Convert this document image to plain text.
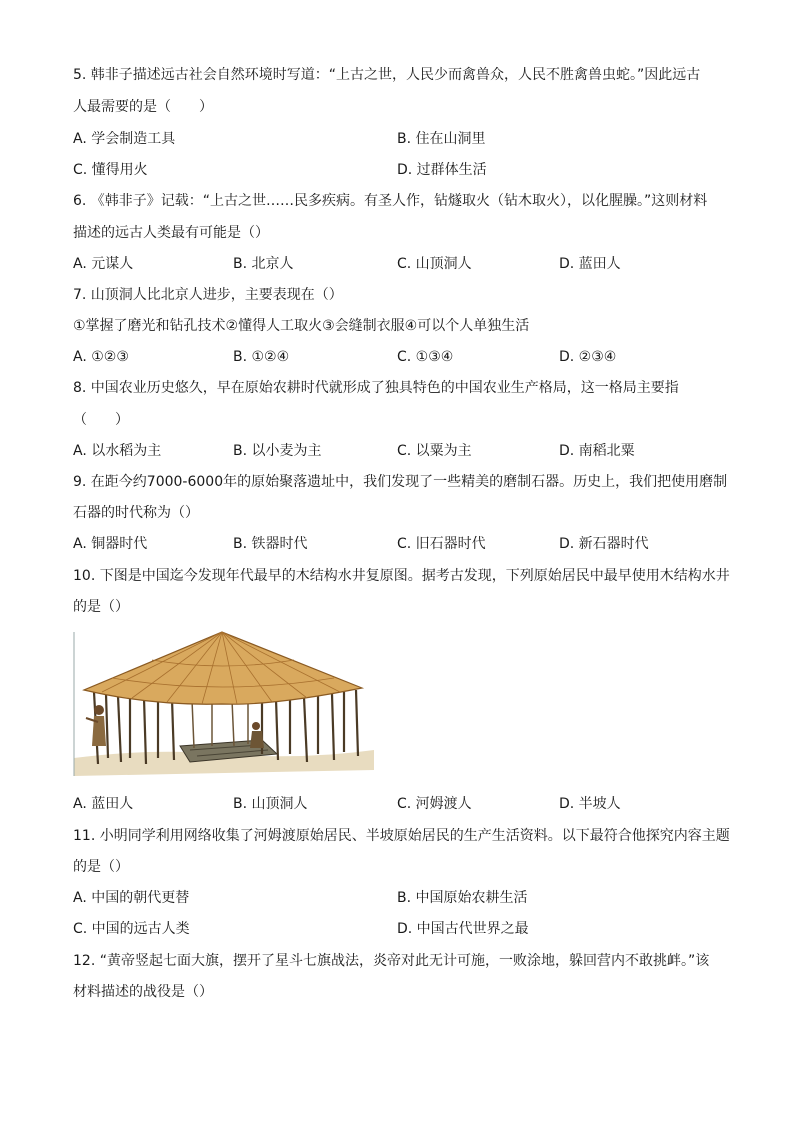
5. 韩非子描述远古社会自然环境时写道：“上古之世，人民少而禽兽众，人民不胜禽兽虫蛇。”因此远古
人最需要的是（　　）
A. 学会制造工具	B. 住在山洞里
C. 懂得用火	D. 过群体生活
6. 《韩非子》记载：“上古之世……民多疾病。有圣人作，钻燧取火（钻木取火），以化腥臊。”这则材料
描述的远古人类最有可能是（）
A. 元谋人	B. 北京人	C. 山顶洞人	D. 蓝田人
7. 山顶洞人比北京人进步，主要表现在（）
①掌握了磨光和钻孔技术②懂得人工取火③会缝制衣服④可以个人单独生活
A. ①②③	B. ①②④	C. ①③④	D. ②③④
8. 中国农业历史悠久，早在原始农耕时代就形成了独具特色的中国农业生产格局，这一格局主要指
（　　）
A. 以水稻为主	B. 以小麦为主	C. 以粟为主	D. 南稻北粟
9. 在距今约7000-6000年的原始聚落遗址中，我们发现了一些精美的磨制石器。历史上，我们把使用磨制
石器的时代称为（）
A. 铜器时代	B. 铁器时代	C. 旧石器时代	D. 新石器时代
10. 下图是中国迄今发现年代最早的木结构水井复原图。据考古发现，下列原始居民中最早使用木结构水井
的是（）
A. 蓝田人	B. 山顶洞人	C. 河姆渡人	D. 半坡人
11. 小明同学利用网络收集了河姆渡原始居民、半坡原始居民的生产生活资料。以下最符合他探究内容主题
的是（）
A. 中国的朝代更替	B. 中国原始农耕生活
C. 中国的远古人类	D. 中国古代世界之最
12. “黄帝竖起七面大旗，摆开了星斗七旗战法，炎帝对此无计可施，一败涂地，躲回营内不敢挑衅。”该
材料描述的战役是（）
